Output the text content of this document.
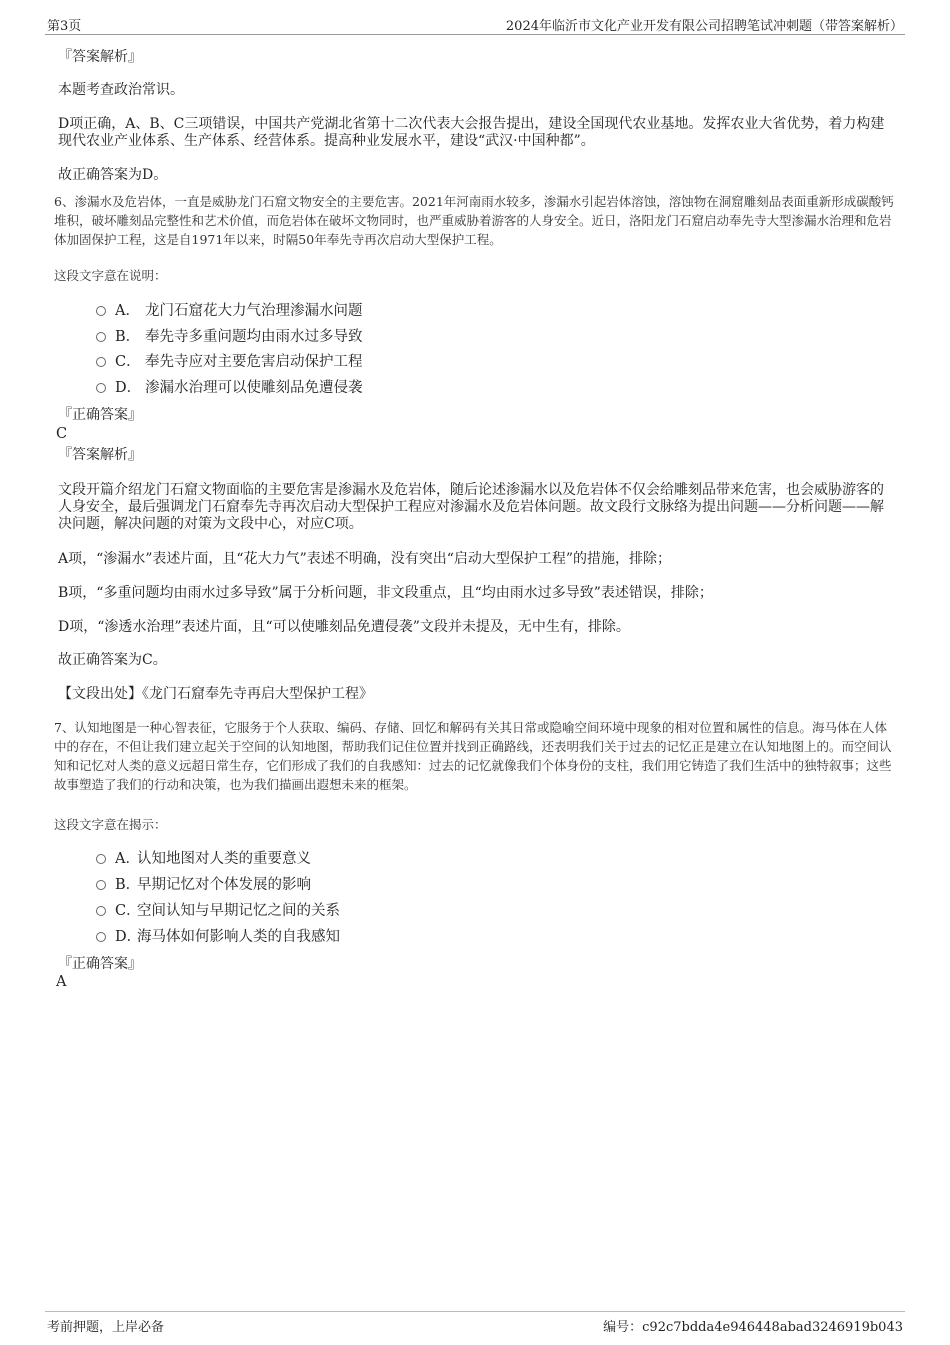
第3页	2024年临沂市文化产业开发有限公司招聘笔试冲刺题（带答案解析）
『答案解析』
本题考查政治常识。
D项正确，A、B、C三项错误，中国共产党湖北省第十二次代表大会报告提出，建设全国现代农业基地。发挥农业大省优势，着力构建现代农业产业体系、生产体系、经营体系。提高种业发展水平，建设“武汉·中国种都”。
故正确答案为D。
6、渗漏水及危岩体，一直是威胁龙门石窟文物安全的主要危害。2021年河南雨水较多，渗漏水引起岩体溶蚀，溶蚀物在洞窟雕刻品表面重新形成碳酸钙堆积，破坏雕刻品完整性和艺术价值，而危岩体在破坏文物同时，也严重威胁着游客的人身安全。近日，洛阳龙门石窟启动奉先寺大型渗漏水治理和危岩体加固保护工程，这是自1971年以来，时隔50年奉先寺再次启动大型保护工程。
这段文字意在说明：
A． 龙门石窟花大力气治理渗漏水问题
B． 奉先寺多重问题均由雨水过多导致
C． 奉先寺应对主要危害启动保护工程
D． 渗漏水治理可以使雕刻品免遭侵袭
『正确答案』
C
『答案解析』
文段开篇介绍龙门石窟文物面临的主要危害是渗漏水及危岩体，随后论述渗漏水以及危岩体不仅会给雕刻品带来危害，也会威胁游客的人身安全，最后强调龙门石窟奉先寺再次启动大型保护工程应对渗漏水及危岩体问题。故文段行文脉络为提出问题——分析问题——解决问题，解决问题的对策为文段中心，对应C项。
A项，“渗漏水”表述片面，且“花大力气”表述不明确，没有突出“启动大型保护工程”的措施，排除；
B项，“多重问题均由雨水过多导致”属于分析问题，非文段重点，且“均由雨水过多导致”表述错误，排除；
D项，“渗透水治理”表述片面，且“可以使雕刻品免遭侵袭”文段并未提及，无中生有，排除。
故正确答案为C。
【文段出处】《龙门石窟奉先寺再启大型保护工程》
7、认知地图是一种心智表征，它服务于个人获取、编码、存储、回忆和解码有关其日常或隐喻空间环境中现象的相对位置和属性的信息。海马体在人体中的存在，不但让我们建立起关于空间的认知地图，帮助我们记住位置并找到正确路线，还表明我们关于过去的记忆正是建立在认知地图上的。而空间认知和记忆对人类的意义远超日常生存，它们形成了我们的自我感知：过去的记忆就像我们个体身份的支柱，我们用它铸造了我们生活中的独特叙事；这些故事塑造了我们的行动和决策，也为我们描画出遐想未来的框架。
这段文字意在揭示：
A．认知地图对人类的重要意义
B．早期记忆对个体发展的影响
C．空间认知与早期记忆之间的关系
D．海马体如何影响人类的自我感知
『正确答案』
A
考前押题，上岸必备	编号：c92c7bdda4e946448abad3246919b043
